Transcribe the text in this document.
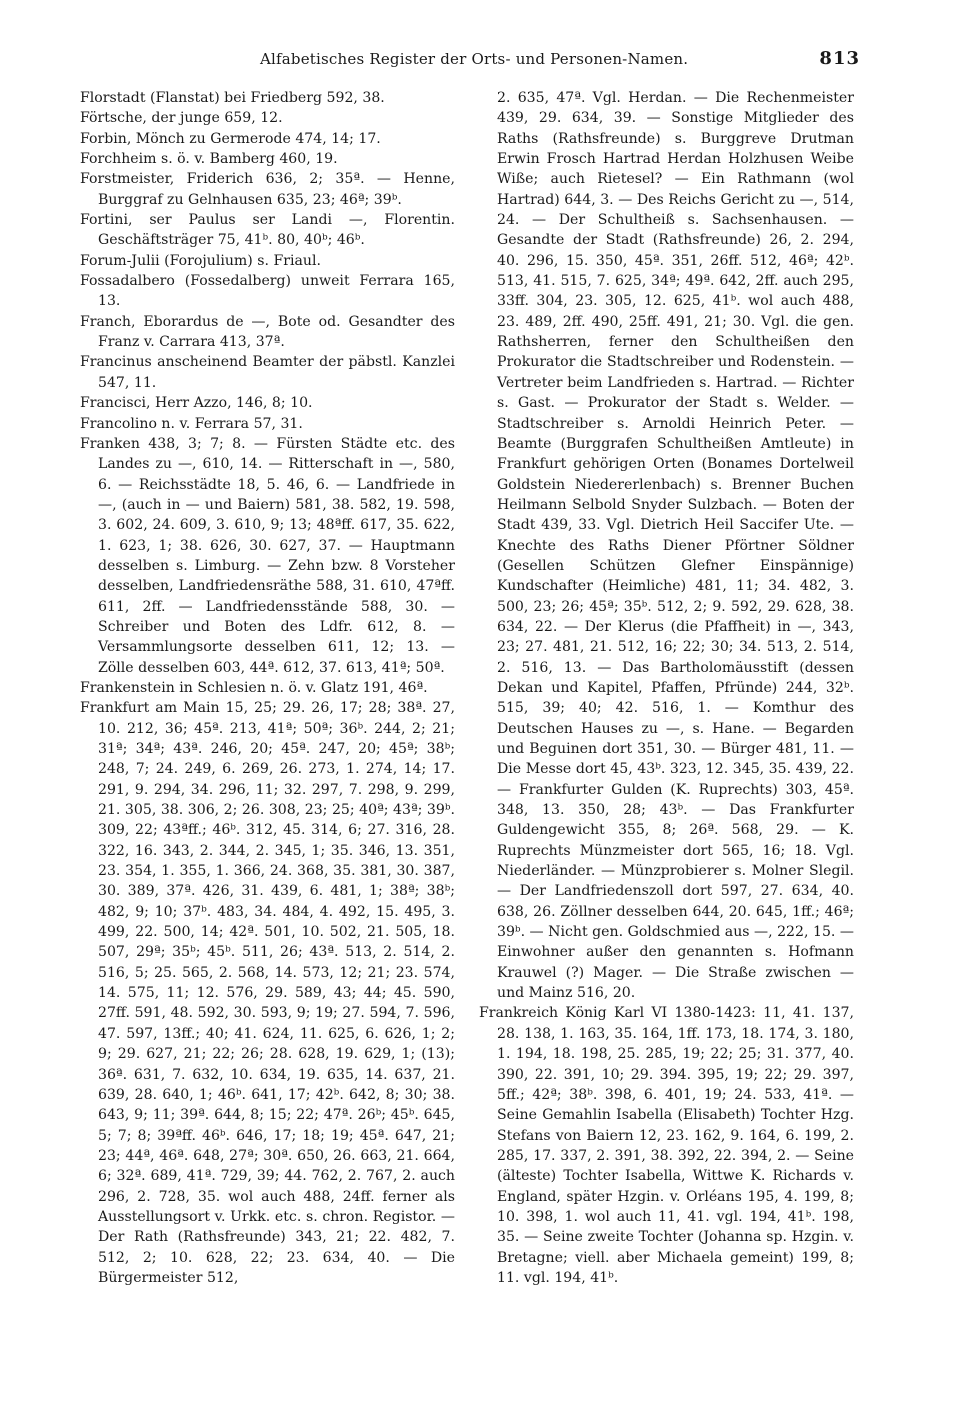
Alfabetisches Register der Orts- und Personen-Namen.	813

Florstadt (Flanstat) bei Friedberg 592, 38.

Förtsche, der junge 659, 12.

Forbin, Mönch zu Germerode 474, 14; 17.

Forchheim s. ö. v. Bamberg 460, 19.

Forstmeister, Friderich 636, 2; 35ª. — Henne, Burggraf zu Gelnhausen 635, 23; 46ª; 39ᵇ.

Fortini, ser Paulus ser Landi —, Florentin. Geschäftsträger 75, 41ᵇ. 80, 40ᵇ; 46ᵇ.

Forum-Julii (Forojulium) s. Friaul.

Fossadalbero (Fossedalberg) unweit Ferrara 165, 13.

Franch, Eborardus de —, Bote od. Gesandter des Franz v. Carrara 413, 37ª.

Francinus anscheinend Beamter der päbstl. Kanzlei 547, 11.

Francisci, Herr Azzo, 146, 8; 10.

Francolino n. v. Ferrara 57, 31.

Franken 438, 3; 7; 8. — Fürsten Städte etc. des Landes zu —, 610, 14. — Ritterschaft in —, 580, 6. — Reichsstädte 18, 5. 46, 6. — Landfriede in —, (auch in — und Baiern) 581, 38. 582, 19. 598, 3. 602, 24. 609, 3. 610, 9; 13; 48ªff. 617, 35. 622, 1. 623, 1; 38. 626, 30. 627, 37. — Hauptmann desselben s. Limburg. — Zehn bzw. 8 Vorsteher desselben, Landfriedensräthe 588, 31. 610, 47ªff. 611, 2ff. — Landfriedensstände 588, 30. — Schreiber und Boten des Ldfr. 612, 8. — Versammlungsorte desselben 611, 12; 13. — Zölle desselben 603, 44ª. 612, 37. 613, 41ª; 50ª.

Frankenstein in Schlesien n. ö. v. Glatz 191, 46ª.

Frankfurt am Main 15, 25; 29. 26, 17; 28; 38ª. 27, 10. 212, 36; 45ª. 213, 41ª; 50ª; 36ᵇ. 244, 2; 21; 31ª; 34ª; 43ª. 246, 20; 45ª. 247, 20; 45ª; 38ᵇ; 248, 7; 24. 249, 6. 269, 26. 273, 1. 274, 14; 17. 291, 9. 294, 34. 296, 11; 32. 297, 7. 298, 9. 299, 21. 305, 38. 306, 2; 26. 308, 23; 25; 40ª; 43ª; 39ᵇ. 309, 22; 43ªff.; 46ᵇ. 312, 45. 314, 6; 27. 316, 28. 322, 16. 343, 2. 344, 2. 345, 1; 35. 346, 13. 351, 23. 354, 1. 355, 1. 366, 24. 368, 35. 381, 30. 387, 30. 389, 37ª. 426, 31. 439, 6. 481, 1; 38ª; 38ᵇ; 482, 9; 10; 37ᵇ. 483, 34. 484, 4. 492, 15. 495, 3. 499, 22. 500, 14; 42ª. 501, 10. 502, 21. 505, 18. 507, 29ª; 35ᵇ; 45ᵇ. 511, 26; 43ª. 513, 2. 514, 2. 516, 5; 25. 565, 2. 568, 14. 573, 12; 21; 23. 574, 14. 575, 11; 12. 576, 29. 589, 43; 44; 45. 590, 27ff. 591, 48. 592, 30. 593, 9; 19; 27. 594, 7. 596, 47. 597, 13ff.; 40; 41. 624, 11. 625, 6. 626, 1; 2; 9; 29. 627, 21; 22; 26; 28. 628, 19. 629, 1; (13); 36ª. 631, 7. 632, 10. 634, 19. 635, 14. 637, 21. 639, 28. 640, 1; 46ᵇ. 641, 17; 42ᵇ. 642, 8; 30; 38. 643, 9; 11; 39ª. 644, 8; 15; 22; 47ª. 26ᵇ; 45ᵇ. 645, 5; 7; 8; 39ªff. 46ᵇ. 646, 17; 18; 19; 45ª. 647, 21; 23; 44ª, 46ª. 648, 27ª; 30ª. 650, 26. 663, 21. 664, 6; 32ª. 689, 41ª. 729, 39; 44. 762, 2. 767, 2. auch 296, 2. 728, 35. wol auch 488, 24ff. ferner als Ausstellungsort v. Urkk. etc. s. chron. Registor. — Der Rath (Rathsfreunde) 343, 21; 22. 482, 7. 512, 2; 10. 628, 22; 23. 634, 40. — Die Bürgermeister 512,

2. 635, 47ª. Vgl. Herdan. — Die Rechenmeister 439, 29. 634, 39. — Sonstige Mitglieder des Raths (Rathsfreunde) s. Burggreve Drutman Erwin Frosch Hartrad Herdan Holzhusen Weibe Wiße; auch Rietesel? — Ein Rathmann (wol Hartrad) 644, 3. — Des Reichs Gericht zu —, 514, 24. — Der Schultheiß s. Sachsenhausen. — Gesandte der Stadt (Rathsfreunde) 26, 2. 294, 40. 296, 15. 350, 45ª. 351, 26ff. 512, 46ª; 42ᵇ. 513, 41. 515, 7. 625, 34ª; 49ª. 642, 2ff. auch 295, 33ff. 304, 23. 305, 12. 625, 41ᵇ. wol auch 488, 23. 489, 2ff. 490, 25ff. 491, 21; 30. Vgl. die gen. Rathsherren, ferner den Schultheißen den Prokurator die Stadtschreiber und Rodenstein. — Vertreter beim Landfrieden s. Hartrad. — Richter s. Gast. — Prokurator der Stadt s. Welder. — Stadtschreiber s. Arnoldi Heinrich Peter. — Beamte (Burggrafen Schultheißen Amtleute) in Frankfurt gehörigen Orten (Bonames Dortelweil Goldstein Niedererlenbach) s. Brenner Buchen Heilmann Selbold Snyder Sulzbach. — Boten der Stadt 439, 33. Vgl. Dietrich Heil Saccifer Ute. — Knechte des Raths Diener Pförtner Söldner (Gesellen Schützen Glefner Einspännige) Kundschafter (Heimliche) 481, 11; 34. 482, 3. 500, 23; 26; 45ª; 35ᵇ. 512, 2; 9. 592, 29. 628, 38. 634, 22. — Der Klerus (die Pfaffheit) in —, 343, 23; 27. 481, 21. 512, 16; 22; 30; 34. 513, 2. 514, 2. 516, 13. — Das Bartholomäusstift (dessen Dekan und Kapitel, Pfaffen, Pfründe) 244, 32ᵇ. 515, 39; 40; 42. 516, 1. — Komthur des Deutschen Hauses zu —, s. Hane. — Begarden und Beguinen dort 351, 30. — Bürger 481, 11. — Die Messe dort 45, 43ᵇ. 323, 12. 345, 35. 439, 22. — Frankfurter Gulden (K. Ruprechts) 303, 45ª. 348, 13. 350, 28; 43ᵇ. — Das Frankfurter Guldengewicht 355, 8; 26ª. 568, 29. — K. Ruprechts Münzmeister dort 565, 16; 18. Vgl. Niederländer. — Münzprobierer s. Molner Slegil. — Der Landfriedenszoll dort 597, 27. 634, 40. 638, 26. Zöllner desselben 644, 20. 645, 1ff.; 46ª; 39ᵇ. — Nicht gen. Goldschmied aus —, 222, 15. — Einwohner außer den genannten s. Hofmann Krauwel (?) Mager. — Die Straße zwischen — und Mainz 516, 20.

Frankreich König Karl VI 1380-1423: 11, 41. 137, 28. 138, 1. 163, 35. 164, 1ff. 173, 18. 174, 3. 180, 1. 194, 18. 198, 25. 285, 19; 22; 25; 31. 377, 40. 390, 22. 391, 10; 29. 394. 395, 19; 22; 29. 397, 5ff.; 42ª; 38ᵇ. 398, 6. 401, 19; 24. 533, 41ª. — Seine Gemahlin Isabella (Elisabeth) Tochter Hzg. Stefans von Baiern 12, 23. 162, 9. 164, 6. 199, 2. 285, 17. 337, 2. 391, 38. 392, 22. 394, 2. — Seine (älteste) Tochter Isabella, Wittwe K. Richards v. England, später Hzgin. v. Orléans 195, 4. 199, 8; 10. 398, 1. wol auch 11, 41. vgl. 194, 41ᵇ. 198, 35. — Seine zweite Tochter (Johanna sp. Hzgin. v. Bretagne; viell. aber Michaela gemeint) 199, 8; 11. vgl. 194, 41ᵇ.
